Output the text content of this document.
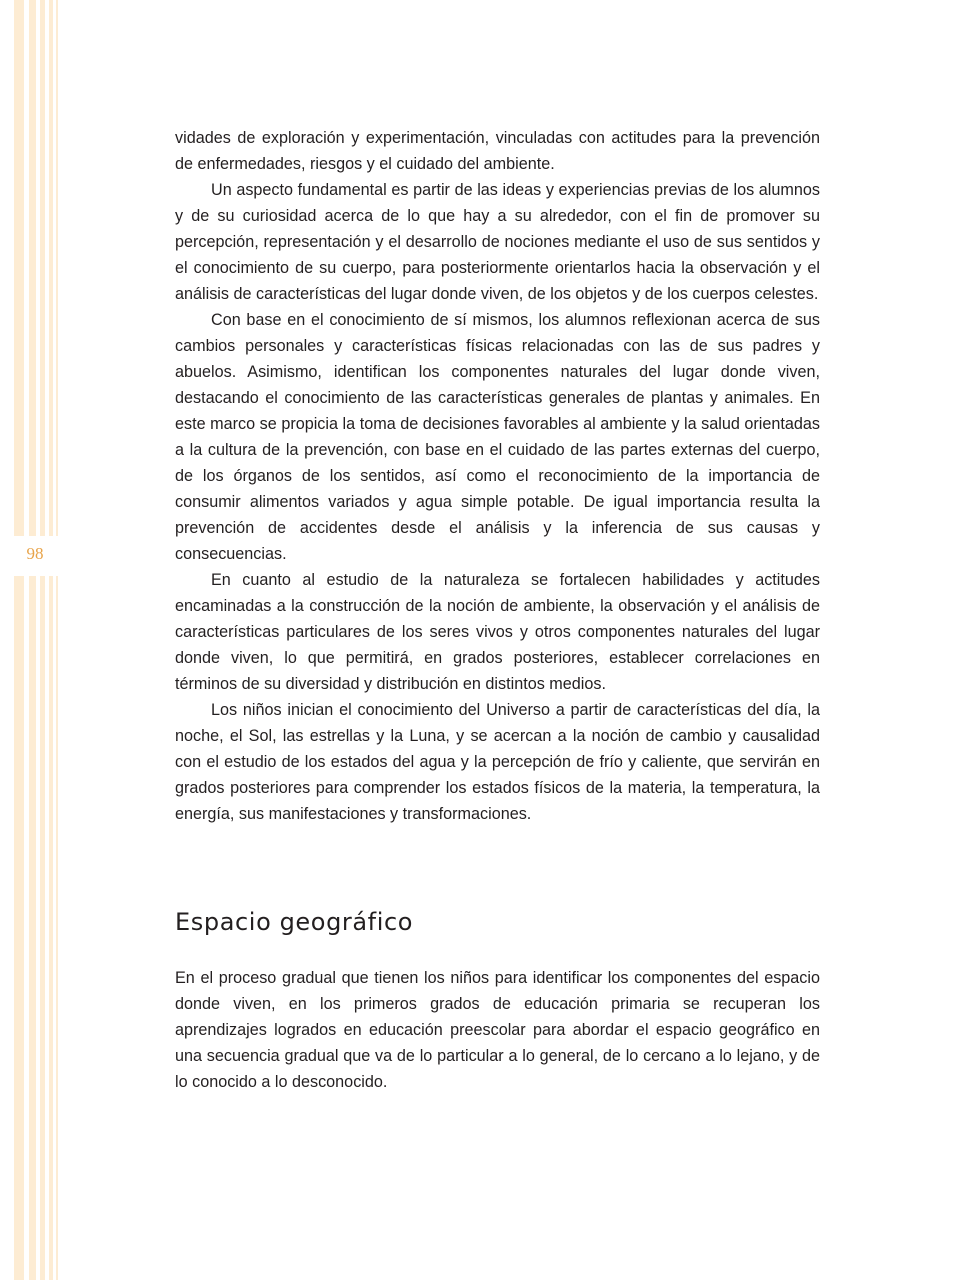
98

vidades de exploración y experimentación, vinculadas con actitudes para la prevención de enfermedades, riesgos y el cuidado del ambiente.

Un aspecto fundamental es partir de las ideas y experiencias previas de los alumnos y de su curiosidad acerca de lo que hay a su alrededor, con el fin de promover su percepción, representación y el desarrollo de nociones mediante el uso de sus sentidos y el conocimiento de su cuerpo, para posteriormente orientarlos hacia la observación y el análisis de características del lugar donde viven, de los objetos y de los cuerpos celestes.

Con base en el conocimiento de sí mismos, los alumnos reflexionan acerca de sus cambios personales y características físicas relacionadas con las de sus padres y abuelos. Asimismo, identifican los componentes naturales del lugar donde viven, destacando el conocimiento de las características generales de plantas y animales. En este marco se propicia la toma de decisiones favorables al ambiente y la salud orientadas a la cultura de la prevención, con base en el cuidado de las partes externas del cuerpo, de los órganos de los sentidos, así como el reconocimiento de la importancia de consumir alimentos variados y agua simple potable. De igual importancia resulta la prevención de accidentes desde el análisis y la inferencia de sus causas y consecuencias.

En cuanto al estudio de la naturaleza se fortalecen habilidades y actitudes encaminadas a la construcción de la noción de ambiente, la observación y el análisis de características particulares de los seres vivos y otros componentes naturales del lugar donde viven, lo que permitirá, en grados posteriores, establecer correlaciones en términos de su diversidad y distribución en distintos medios.

Los niños inician el conocimiento del Universo a partir de características del día, la noche, el Sol, las estrellas y la Luna, y se acercan a la noción de cambio y causalidad con el estudio de los estados del agua y la percepción de frío y caliente, que servirán en grados posteriores para comprender los estados físicos de la materia, la temperatura, la energía, sus manifestaciones y transformaciones.

Espacio geográfico

En el proceso gradual que tienen los niños para identificar los componentes del espacio donde viven, en los primeros grados de educación primaria se recuperan los aprendizajes logrados en educación preescolar para abordar el espacio geográfico en una secuencia gradual que va de lo particular a lo general, de lo cercano a lo lejano, y de lo conocido a lo desconocido.
